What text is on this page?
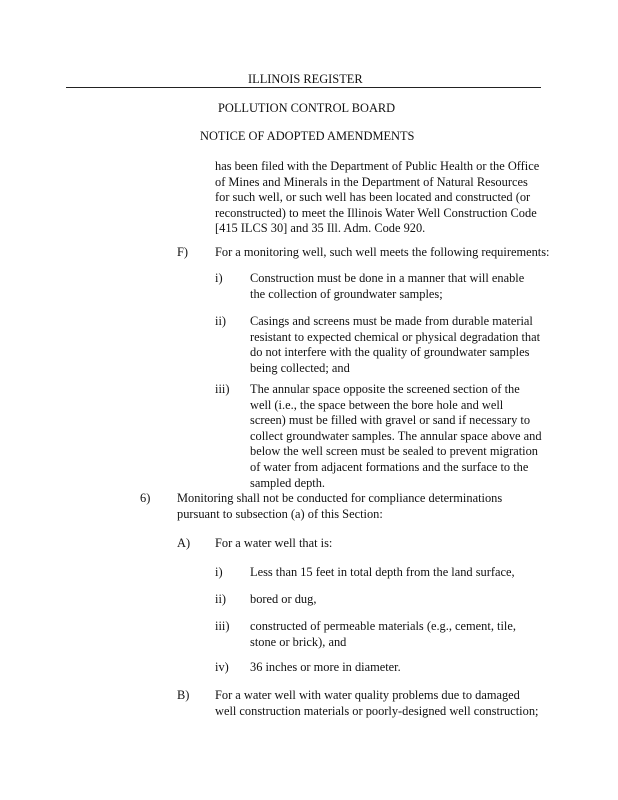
ILLINOIS REGISTER
POLLUTION CONTROL BOARD
NOTICE OF ADOPTED AMENDMENTS
has been filed with the Department of Public Health or the Office of Mines and Minerals in the Department of Natural Resources for such well, or such well has been located and constructed (or reconstructed) to meet the Illinois Water Well Construction Code [415 ILCS 30] and 35 Ill. Adm. Code 920.
F) For a monitoring well, such well meets the following requirements:
i) Construction must be done in a manner that will enable the collection of groundwater samples;
ii) Casings and screens must be made from durable material resistant to expected chemical or physical degradation that do not interfere with the quality of groundwater samples being collected; and
iii) The annular space opposite the screened section of the well (i.e., the space between the bore hole and well screen) must be filled with gravel or sand if necessary to collect groundwater samples. The annular space above and below the well screen must be sealed to prevent migration of water from adjacent formations and the surface to the sampled depth.
6) Monitoring shall not be conducted for compliance determinations pursuant to subsection (a) of this Section:
A) For a water well that is:
i) Less than 15 feet in total depth from the land surface,
ii) bored or dug,
iii) constructed of permeable materials (e.g., cement, tile, stone or brick), and
iv) 36 inches or more in diameter.
B) For a water well with water quality problems due to damaged well construction materials or poorly-designed well construction;
